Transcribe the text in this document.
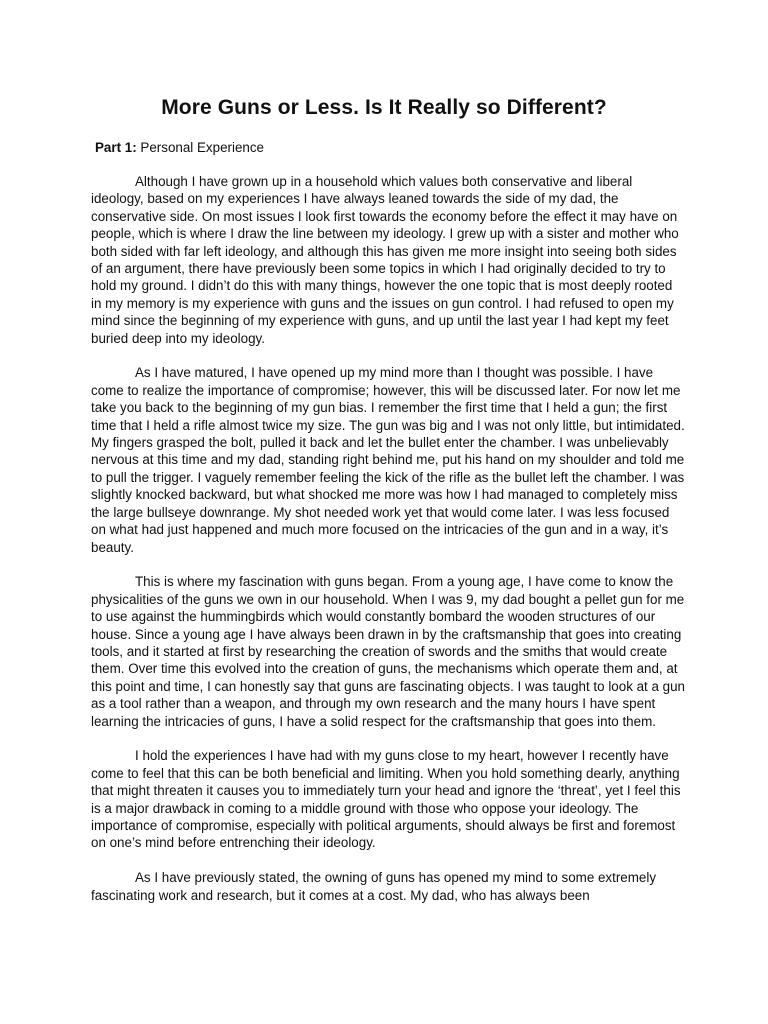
More Guns or Less. Is It Really so Different?
Part 1: Personal Experience

Although I have grown up in a household which values both conservative and liberal ideology, based on my experiences I have always leaned towards the side of my dad, the conservative side. On most issues I look first towards the economy before the effect it may have on people, which is where I draw the line between my ideology. I grew up with a sister and mother who both sided with far left ideology, and although this has given me more insight into seeing both sides of an argument, there have previously been some topics in which I had originally decided to try to hold my ground. I didn’t do this with many things, however the one topic that is most deeply rooted in my memory is my experience with guns and the issues on gun control. I had refused to open my mind since the beginning of my experience with guns, and up until the last year I had kept my feet buried deep into my ideology.

As I have matured, I have opened up my mind more than I thought was possible. I have come to realize the importance of compromise; however, this will be discussed later. For now let me take you back to the beginning of my gun bias. I remember the first time that I held a gun; the first time that I held a rifle almost twice my size. The gun was big and I was not only little, but intimidated. My fingers grasped the bolt, pulled it back and let the bullet enter the chamber. I was unbelievably nervous at this time and my dad, standing right behind me, put his hand on my shoulder and told me to pull the trigger. I vaguely remember feeling the kick of the rifle as the bullet left the chamber. I was slightly knocked backward, but what shocked me more was how I had managed to completely miss the large bullseye downrange. My shot needed work yet that would come later. I was less focused on what had just happened and much more focused on the intricacies of the gun and in a way, it’s beauty.

This is where my fascination with guns began. From a young age, I have come to know the physicalities of the guns we own in our household. When I was 9, my dad bought a pellet gun for me to use against the hummingbirds which would constantly bombard the wooden structures of our house. Since a young age I have always been drawn in by the craftsmanship that goes into creating tools, and it started at first by researching the creation of swords and the smiths that would create them. Over time this evolved into the creation of guns, the mechanisms which operate them and, at this point and time, I can honestly say that guns are fascinating objects. I was taught to look at a gun as a tool rather than a weapon, and through my own research and the many hours I have spent learning the intricacies of guns, I have a solid respect for the craftsmanship that goes into them.

I hold the experiences I have had with my guns close to my heart, however I recently have come to feel that this can be both beneficial and limiting. When you hold something dearly, anything that might threaten it causes you to immediately turn your head and ignore the ‘threat’, yet I feel this is a major drawback in coming to a middle ground with those who oppose your ideology. The importance of compromise, especially with political arguments, should always be first and foremost on one’s mind before entrenching their ideology.

As I have previously stated, the owning of guns has opened my mind to some extremely fascinating work and research, but it comes at a cost. My dad, who has always been
